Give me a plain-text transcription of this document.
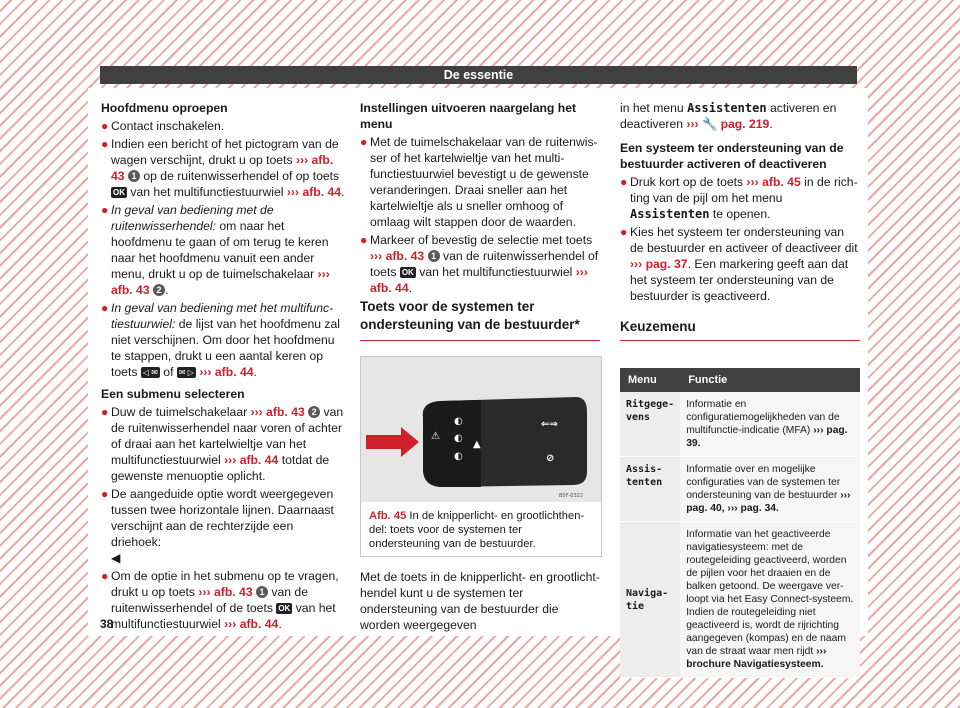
De essentie

Hoofdmenu oproepen

● Contact inschakelen.

● Indien een bericht of het pictogram van de wagen verschijnt, drukt u op toets ››› afb. 43 1 op de ruitenwisserhendel of op toets OK van het multifunctiestuurwiel ››› afb. 44.

● In geval van bediening met de ruitenwisserhendel: om naar het hoofdmenu te gaan of om terug te keren naar het hoofdmenu vanuit een ander menu, drukt u op de tuimelschakelaar ››› afb. 43 2 .

● In geval van bediening met het multifunctiestuurwiel: de lijst van het hoofdmenu zal niet verschijnen. Om door het hoofdmenu te stappen, drukt u een aantal keren op toets ◁ ✉ of ✉ ▷ ››› afb. 44.

Een submenu selecteren

● Duw de tuimelschakelaar ››› afb. 43 2 van de ruitenwisserhendel naar voren of achter of draai aan het kartelwieltje van het multifunctiestuurwiel ››› afb. 44 totdat de gewenste menuoptie oplicht.

● De aangeduide optie wordt weergegeven tussen twee horizontale lijnen. Daarnaast verschijnt aan de rechterzijde een driehoek:
◀

● Om de optie in het submenu op te vragen, drukt u op toets ››› afb. 43 1 van de ruitenwisserhendel of de toets OK van het multifunctiestuurwiel ››› afb. 44.

Instellingen uitvoeren naargelang het menu

● Met de tuimelschakelaar van de ruitenwisser of het kartelwieltje van het multifunctiestuurwiel bevestigt u de gewenste veranderingen. Draai sneller aan het kartelwieltje als u sneller omhoog of omlaag wilt stappen door de waarden.

● Markeer of bevestig de selectie met toets ››› afb. 43 1 van de ruitenwisserhendel of toets OK van het multifunctiestuurwiel ››› afb. 44.

Toets voor de systemen ter ondersteuning van de bestuurder*

⚠
◐
◐
◐
▲
⇐⇒
⊘
B5F-0322
Afb. 45 In de knipperlicht- en grootlichthendel: toets voor de systemen ter ondersteuning van de bestuurder.

Met de toets in de knipperlicht- en grootlichthendel kunt u de systemen ter ondersteuning van de bestuurder die worden weergegeven

in het menu Assistenten activeren en deactiveren ››› 🔧 pag. 219.

Een systeem ter ondersteuning van de bestuurder activeren of deactiveren

● Druk kort op de toets ››› afb. 45 in de richting van de pijl om het menu Assistenten te openen.

● Kies het systeem ter ondersteuning van de bestuurder en activeer of deactiveer dit ››› pag. 37. Een markering geeft aan dat het systeem ter ondersteuning van de bestuurder is geactiveerd.

Keuzemenu

Menu	Functie
Ritgegevens	Informatie en configuratiemogelijkheden van de multifunctie-indicatie (MFA) ››› pag. 39.
Assistenten	Informatie over en mogelijke configuraties van de systemen ter ondersteuning van de bestuurder ››› pag. 40, ››› pag. 34.
Navigatie	Informatie van het geactiveerde navigatiesysteem: met de routegeleiding geactiveerd, worden de pijlen voor het draaien en de balken getoond. De weergave verloopt via het Easy Connect-systeem. Indien de routegeleiding niet geactiveerd is, wordt de rijrichting aangegeven (kompas) en de naam van de straat waar men rijdt ››› brochure Navigatiesysteem.
38
